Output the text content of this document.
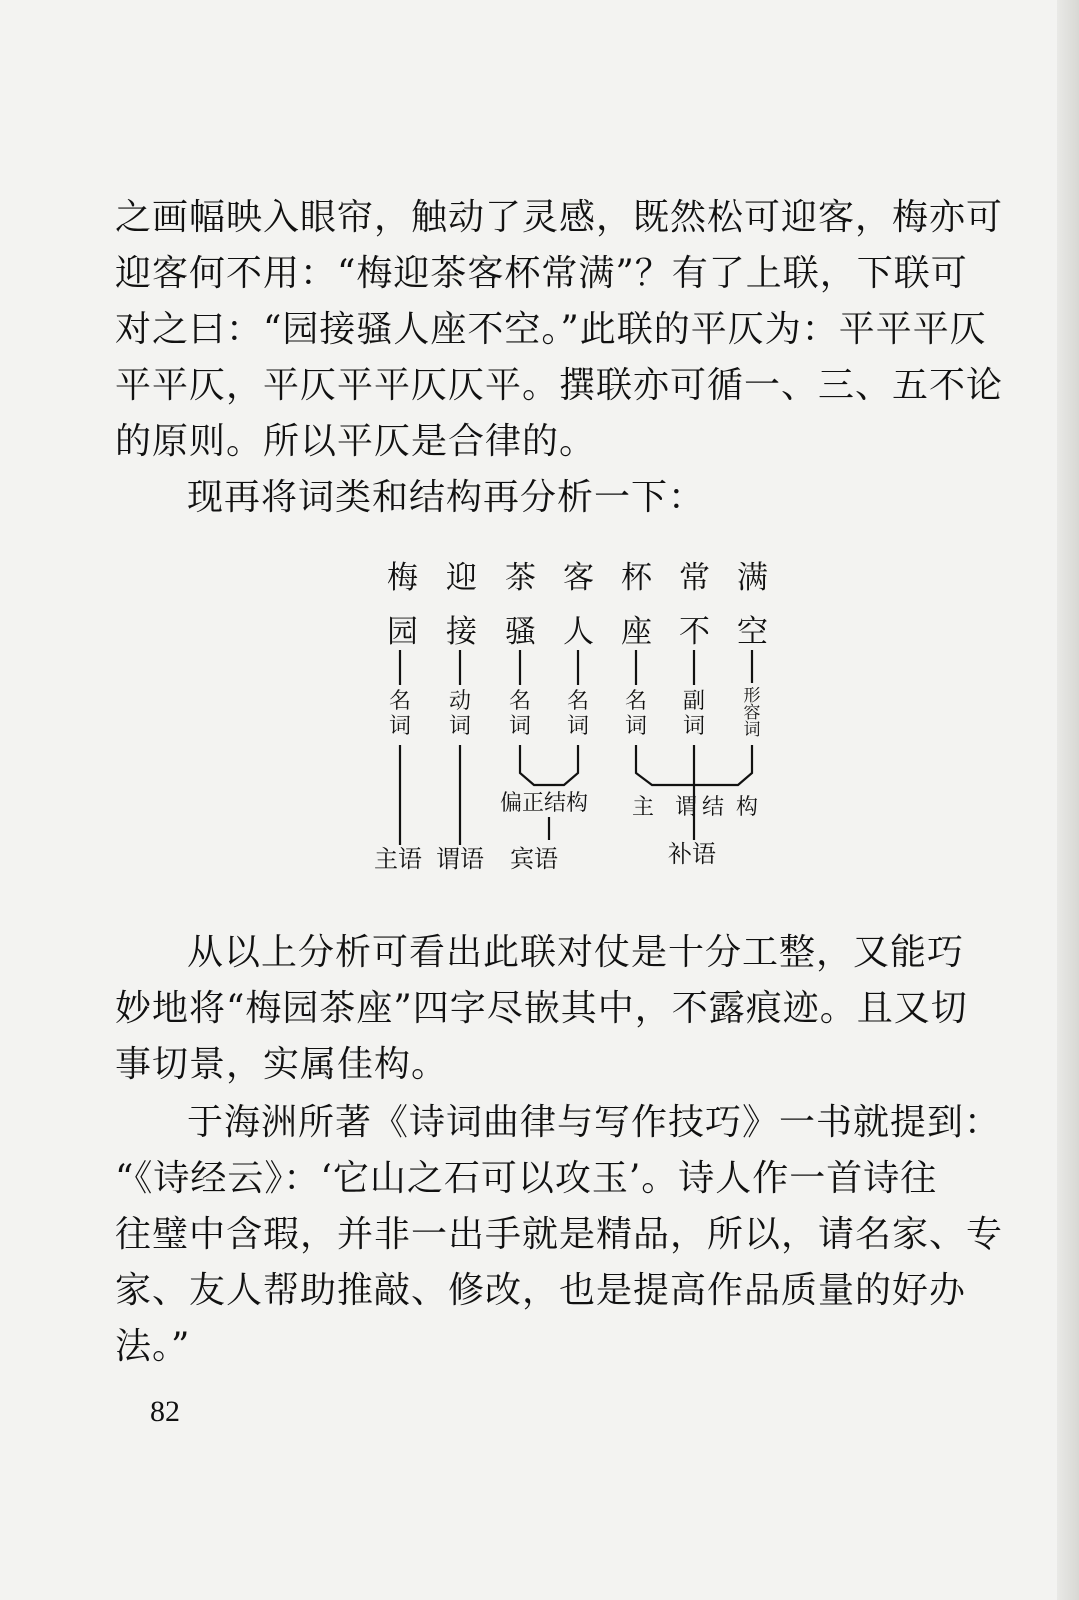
之画幅映入眼帘，触动了灵感，既然松可迎客，梅亦可
迎客何不用：“梅迎茶客杯常满”？有了上联，下联可
对之曰：“园接骚人座不空。”此联的平仄为：平平平仄
平平仄，平仄平平仄仄平。撰联亦可循一、三、五不论
的原则。所以平仄是合律的。
现再将词类和结构再分析一下：
梅 迎 茶 客 杯 常 满
园 接 骚 人 座 不 空
名词
动词
名词
名词
名词
副词
形容词
偏正结构 主 谓 结 构
主语 谓语 宾语	补语
从以上分析可看出此联对仗是十分工整，又能巧
妙地将“梅园茶座”四字尽嵌其中，不露痕迹。且又切
事切景，实属佳构。
于海洲所著《诗词曲律与写作技巧》一书就提到：
“《诗经云》：‘它山之石可以攻玉’。诗人作一首诗往
往璧中含瑕，并非一出手就是精品，所以，请名家、专
家、友人帮助推敲、修改，也是提高作品质量的好办
法。”
82
